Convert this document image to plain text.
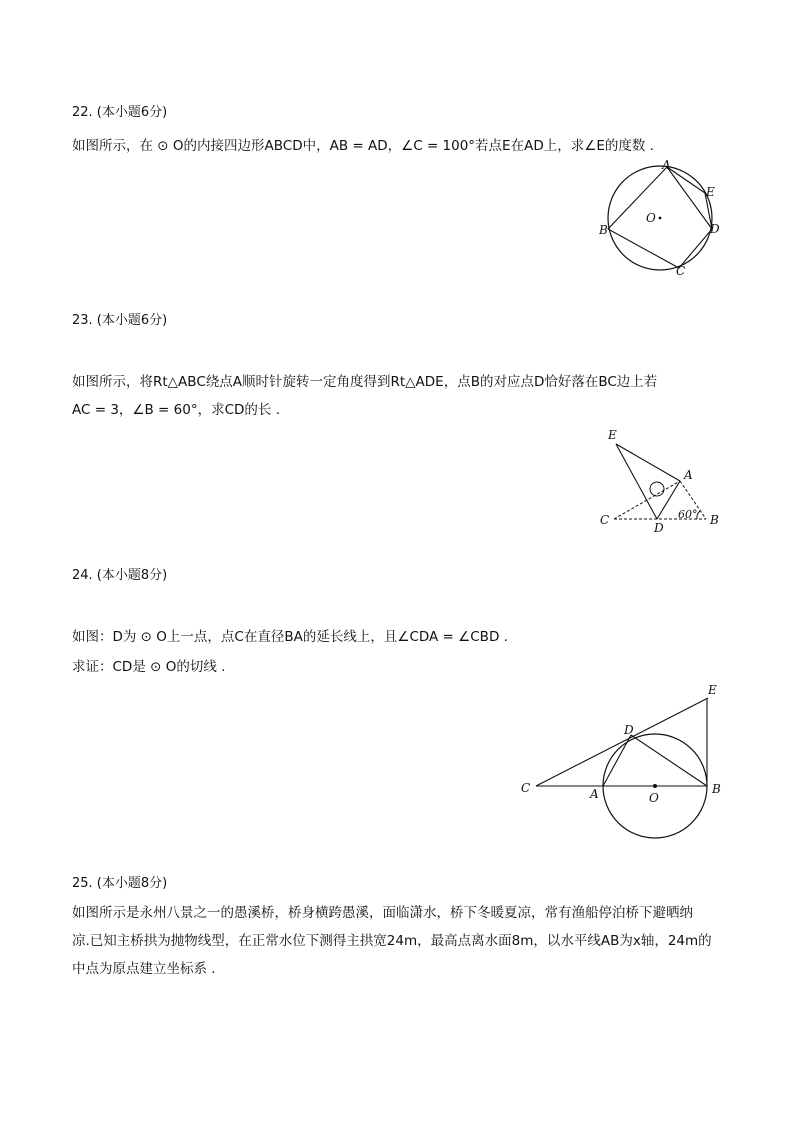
22. (本小题6分)
如图所示，在 ⊙ O的内接四边形ABCD中，AB = AD，∠C = 100°若点E在AD上，求∠E的度数 .
A
E
O
B	D
C
23. (本小题6分)
如图所示，将Rt△ABC绕点A顺时针旋转一定角度得到Rt△ADE，点B的对应点D恰好落在BC边上若
AC = 3，∠B = 60°，求CD的长 .
E
A
C
D
B
60°
24. (本小题8分)
如图：D为 ⊙ O上一点，点C在直径BA的延长线上，且∠CDA = ∠CBD .
求证：CD是 ⊙ O的切线 .
E
D
C	A	O
B
25. (本小题8分)
如图所示是永州八景之一的愚溪桥，桥身横跨愚溪，面临潇水，桥下冬暖夏凉，常有渔船停泊桥下避晒纳
凉.已知主桥拱为抛物线型，在正常水位下测得主拱宽24m，最高点离水面8m，以水平线AB为x轴，24m的
中点为原点建立坐标系 .
